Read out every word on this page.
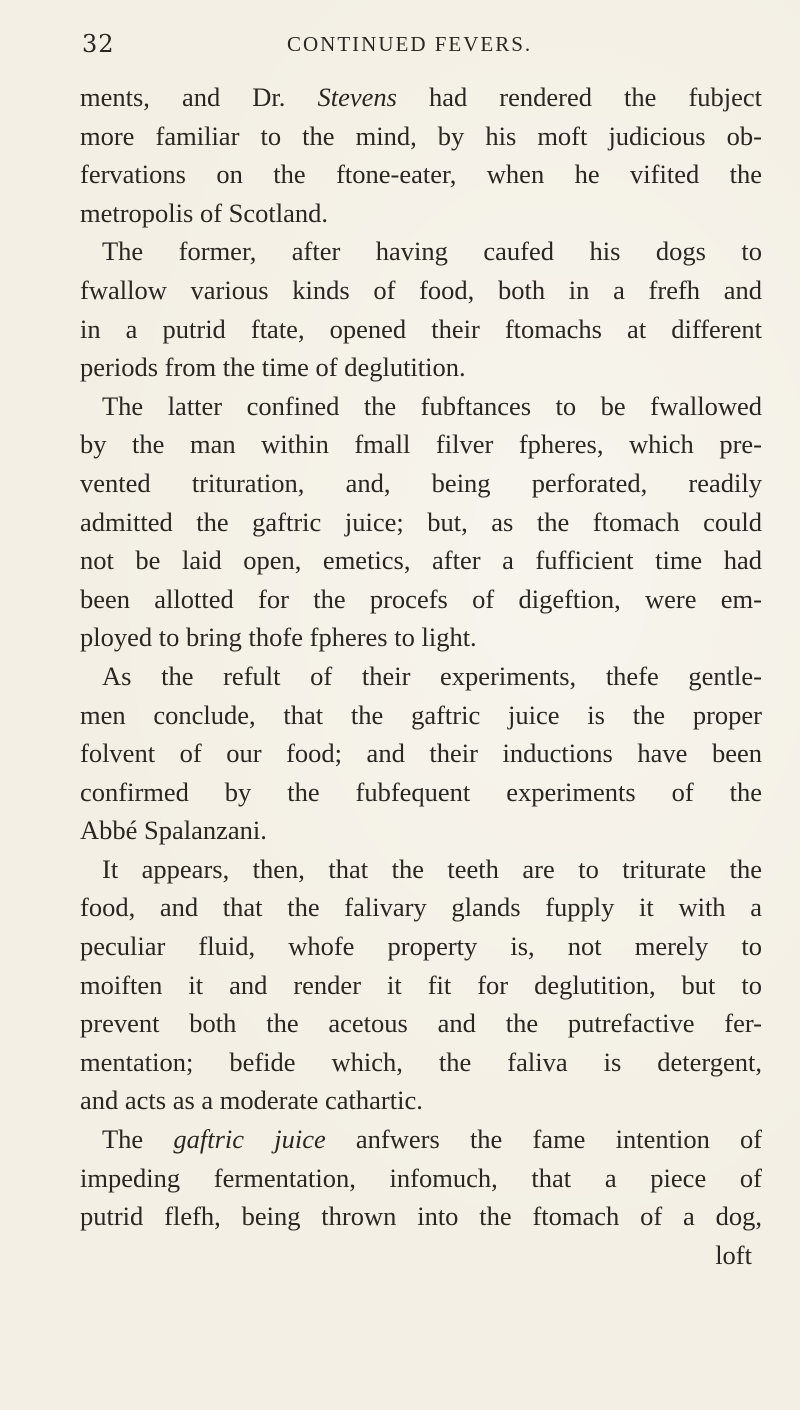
32	CONTINUED FEVERS.
ments, and Dr. Stevens had rendered the fubject
more familiar to the mind, by his moft judicious ob-
fervations on the ftone-eater, when he vifited the
metropolis of Scotland.
The former, after having caufed his dogs to
fwallow various kinds of food, both in a frefh and
in a putrid ftate, opened their ftomachs at different
periods from the time of deglutition.
The latter confined the fubftances to be fwallowed
by the man within fmall filver fpheres, which pre-
vented trituration, and, being perforated, readily
admitted the gaftric juice; but, as the ftomach could
not be laid open, emetics, after a fufficient time had
been allotted for the procefs of digeftion, were em-
ployed to bring thofe fpheres to light.
As the refult of their experiments, thefe gentle-
men conclude, that the gaftric juice is the proper
folvent of our food; and their inductions have been
confirmed by the fubfequent experiments of the
Abbé Spalanzani.
It appears, then, that the teeth are to triturate the
food, and that the falivary glands fupply it with a
peculiar fluid, whofe property is, not merely to
moiften it and render it fit for deglutition, but to
prevent both the acetous and the putrefactive fer-
mentation; befide which, the faliva is detergent,
and acts as a moderate cathartic.
The gaftric juice anfwers the fame intention of
impeding fermentation, infomuch, that a piece of
putrid flefh, being thrown into the ftomach of a dog,
loft
